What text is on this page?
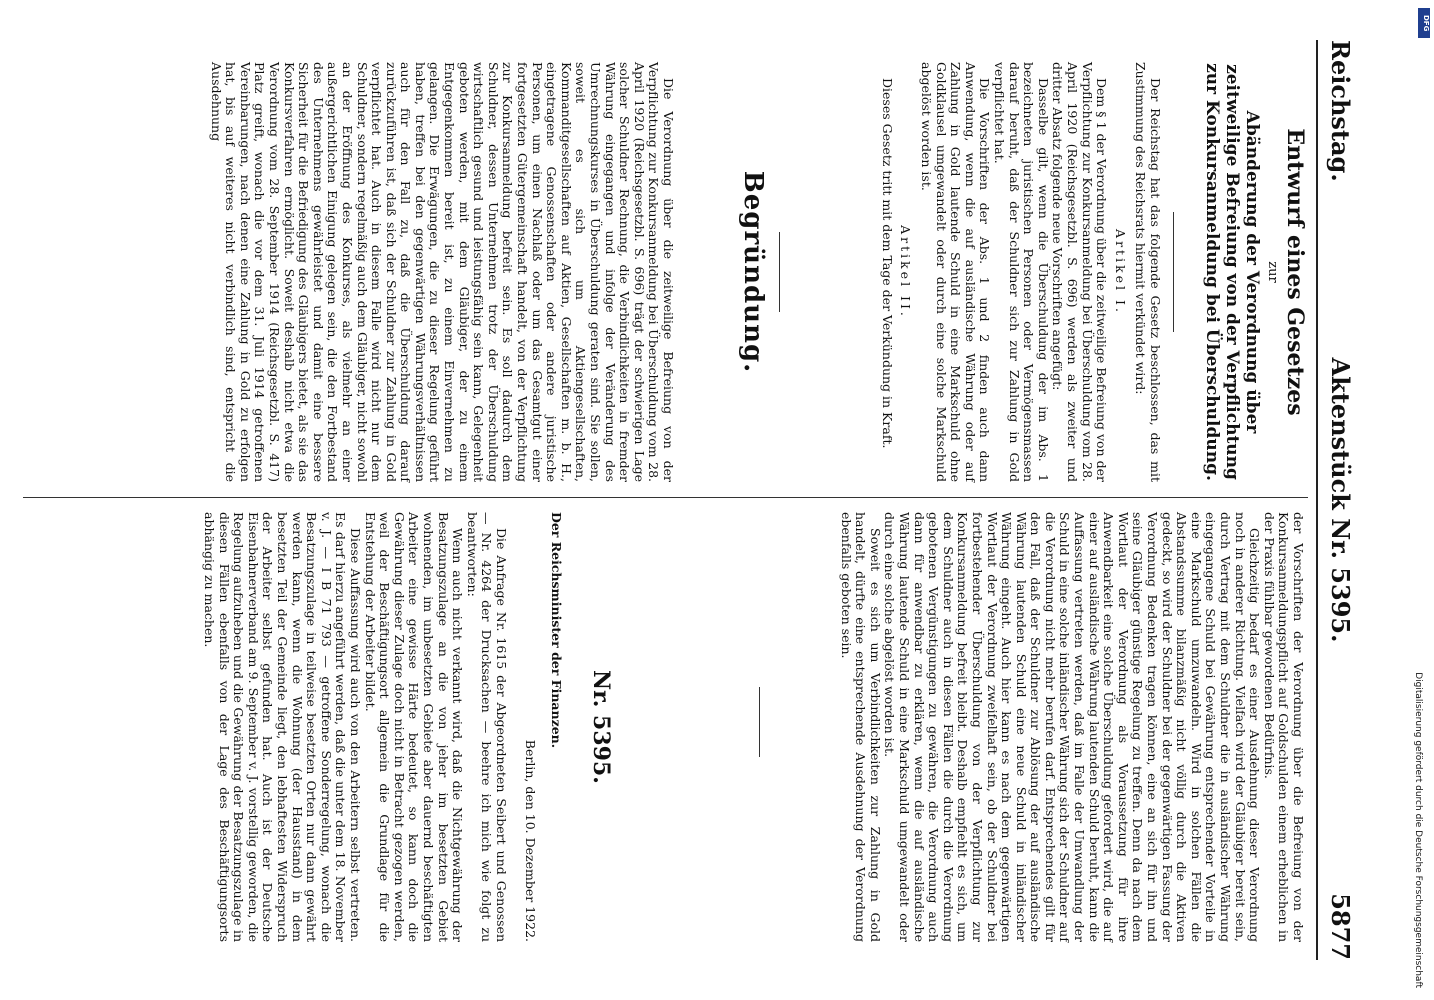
Reichstag.
Aktenstück Nr. 5395.
5877
Entwurf eines Gesetzes
zur
Abänderung der Verordnung über zeitweilige Befreiung von der Verpflichtung zur Konkursanmeldung bei Überschuldung.

Der Reichstag hat das folgende Gesetz beschlossen, das mit Zustimmung des Reichsrats hiermit verkündet wird:

Artikel I.

Dem § 1 der Verordnung über die zeitweilige Befreiung von der Verpflichtung zur Konkursanmeldung bei Überschuldung vom 28. April 1920 (Reichsgesetzbl. S. 696) werden als zweiter und dritter Absatz folgende neue Vorschriften angefügt:

Dasselbe gilt, wenn die Überschuldung der im Abs. 1 bezeichneten juristischen Personen oder Vermögensmassen darauf beruht, daß der Schuldner sich zur Zahlung in Gold verpflichtet hat.

Die Vorschriften der Abs. 1 und 2 finden auch dann Anwendung, wenn die auf ausländische Währung oder auf Zahlung in Gold lautende Schuld in eine Markschuld ohne Goldklausel umgewandelt oder durch eine solche Markschuld abgelöst worden ist.

Artikel II.

Dieses Gesetz tritt mit dem Tage der Verkündung in Kraft.

Begründung.

Die Verordnung über die zeitweilige Befreiung von der Verpflichtung zur Konkursanmeldung bei Überschuldung vom 28. April 1920 (Reichsgesetzbl. S. 696) trägt der schwierigen Lage solcher Schuldner Rechnung, die Verbindlichkeiten in fremder Währung eingegangen und infolge der Veränderung des Umrechnungskurses in Überschuldung geraten sind. Sie sollen, soweit es sich um Aktiengesellschaften, Kommanditgesellschaften auf Aktien, Gesellschaften m. b. H., eingetragene Genossenschaften oder andere juristische Personen, um einen Nachlaß oder um das Gesamtgut einer fortgesetzten Gütergemeinschaft handelt, von der Verpflichtung zur Konkursanmeldung befreit sein. Es soll dadurch dem Schuldner, dessen Unternehmen trotz der Überschuldung wirtschaftlich gesund und leistungsfähig sein kann, Gelegenheit geboten werden, mit dem Gläubiger, der zu einem Entgegenkommen bereit ist, zu einem Einvernehmen zu gelangen. Die Erwägungen, die zu dieser Regelung geführt haben, treffen bei den gegenwärtigen Währungsverhältnissen auch für den Fall zu, daß die Überschuldung darauf zurückzuführen ist, daß sich der Schuldner zur Zahlung in Gold verpflichtet hat. Auch in diesem Falle wird nicht nur dem Schuldner, sondern regelmäßig auch dem Gläubiger, nicht sowohl an der Eröffnung des Konkurses, als vielmehr an einer außergerichtlichen Einigung gelegen sein, die den Fortbestand des Unternehmens gewährleistet und damit eine bessere Sicherheit für die Befriedigung des Gläubigers bietet, als sie das Konkursverfahren ermöglicht. Soweit deshalb nicht etwa die Verordnung vom 28. September 1914 (Reichsgesetzbl. S. 417) Platz greift, wonach die vor dem 31. Juli 1914 getroffenen Vereinbarungen, nach denen eine Zahlung in Gold zu erfolgen hat, bis auf weiteres nicht verbindlich sind, entspricht die Ausdehnung

der Vorschriften der Verordnung über die Befreiung von der Konkursanmeldungspflicht auf Goldschulden einem erheblichen in der Praxis fühlbar gewordenen Bedürfnis.

Gleichzeitig bedarf es einer Ausdehnung dieser Verordnung noch in anderer Richtung. Vielfach wird der Gläubiger bereit sein, durch Vertrag mit dem Schuldner die in ausländischer Währung eingegangene Schuld bei Gewährung entsprechender Vorteile in eine Markschuld umzuwandeln. Wird in solchen Fällen die Abstandssumme bilanzmäßig nicht völlig durch die Aktiven gedeckt, so wird der Schuldner bei der gegenwärtigen Fassung der Verordnung Bedenken tragen können, eine an sich für ihn und seine Gläubiger günstige Regelung zu treffen. Denn da nach dem Wortlaut der Verordnung als Voraussetzung für ihre Anwendbarkeit eine solche Überschuldung gefordert wird, die auf einer auf ausländische Währung lautenden Schuld beruht, kann die Auffassung vertreten werden, daß im Falle der Umwandlung der Schuld in eine solche inländischer Währung sich der Schuldner auf die Verordnung nicht mehr berufen darf. Entsprechendes gilt für den Fall, daß der Schuldner zur Ablösung der auf ausländische Währung lautenden Schuld eine neue Schuld in inländischer Währung eingeht. Auch hier kann es nach dem gegenwärtigen Wortlaut der Verordnung zweifelhaft sein, ob der Schuldner bei fortbestehender Überschuldung von der Verpflichtung zur Konkursanmeldung befreit bleibt. Deshalb empfiehlt es sich, um dem Schuldner auch in diesen Fällen die durch die Verordnung gebotenen Vergünstigungen zu gewähren, die Verordnung auch dann für anwendbar zu erklären, wenn die auf ausländische Währung lautende Schuld in eine Markschuld umgewandelt oder durch eine solche abgelöst worden ist.

Soweit es sich um Verbindlichkeiten zur Zahlung in Gold handelt, dürfte eine entsprechende Ausdehnung der Verordnung ebenfalls geboten sein.

Nr. 5395.
Der Reichsminister der Finanzen.
Berlin, den 10. Dezember 1922.

Die Anfrage Nr. 1615 der Abgeordneten Seibert und Genossen — Nr. 4264 der Drucksachen — beehre ich mich wie folgt zu beantworten:

Wenn auch nicht verkannt wird, daß die Nichtgewährung der Besatzungszulage an die von jeher im besetzten Gebiet wohnenden, im unbesetzten Gebiete aber dauernd beschäftigten Arbeiter eine gewisse Härte bedeutet, so kann doch die Gewährung dieser Zulage doch nicht in Betracht gezogen werden, weil der Beschäftigungsort allgemein die Grundlage für die Entstehung der Arbeiter bildet.

Diese Auffassung wird auch von den Arbeitern selbst vertreten. Es darf hierzu angeführt werden, daß die unter dem 18. November v. J. — I B 71 793 — getroffene Sonderregelung, wonach die Besatzungszulage in teilweise besetzten Orten nur dann gewährt werden kann, wenn die Wohnung (der Hausstand) in dem besetzten Teil der Gemeinde liegt, den lebhaftesten Widerspruch der Arbeiter selbst gefunden hat. Auch ist der Deutsche Eisenbahnerverband am 9. September v. J. vorstellig geworden, die Regelung aufzuheben und die Gewährung der Besatzungszulage in diesen Fällen ebenfalls von der Lage des Beschäftigungsorts abhängig zu machen.

Digitalisierung gefördert durch die Deutsche Forschungsgemeinschaft
DFG
